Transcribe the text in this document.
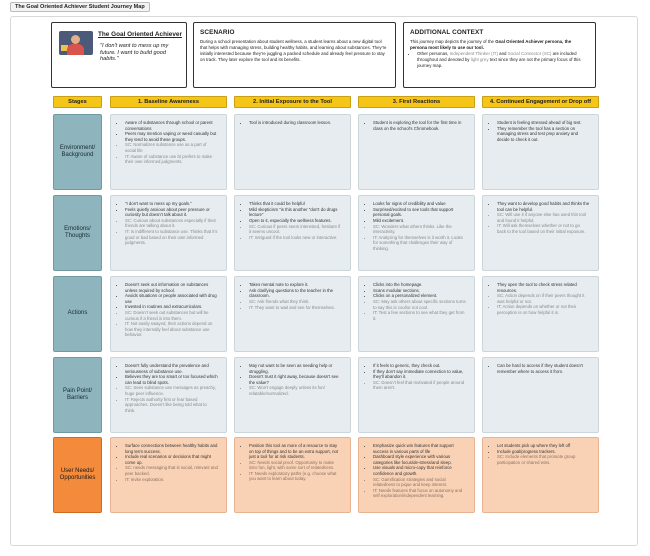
The Goal Oriented Achiever Student Journey Map
The Goal Oriented Achiever
"I don't want to mess up my future. I want to build good habits."
SCENARIO
During a school presentation about student wellness, a student learns about a new digital tool that helps with managing stress, building healthy habits, and learning about substances. They're initially interested because they're juggling a packed schedule and already feel pressure to stay on track. They later explore the tool and its benefits.
ADDITIONAL CONTEXT
This journey map depicts the journey of the Goal Oriented Achiever persona, the persona most likely to use our tool.
• Other personas, Independent Thinker (IT) and Social Connector (SC) are included throughout and denoted by light grey text since they are not the primary focus of this journey map.
Stages	1. Baseline Awareness	2. Initial Exposure to the Tool	3. First Reactions	4. Continued Engagement or Drop off
Environment/ Background
• Aware of substances through school or parent conversations
• Peers may mention vaping or weed casually but they tend to avoid these groups.
• SC: Normalizes substance use as a part of social life
• IT: Aware of substance use bt prefers to make their own informed judgments.
• Tool is introduced during classroom lesson.
•	Student is exploring the tool for the first time in class on the school's Chromebook.
• Student is feeling stressed ahead of big test.
• They remember the tool has a section on managing stress and test prep anxiety and decide to check it out.
Emotions/ Thoughts
• "I don't want to mess up my goals."
• Feels quietly anxious about peer pressure or curiosity but doesn't talk about it.
• SC: Curious about substances especially if their friends are talking about it.
• IT: Is indifferent to substance use. Thinks that it's good or bad based on their own informed judgments.
• Thinks that it could be helpful
• Mild skepticism "is this another "don't do drugs lecture"
• Open to it, especially the wellness features.
• SC: Curious if peers seem interested, hesitant if it seems uncool.
• IT: Intrigued if the tool looks new or interactive.
• Looks for signs of credibility and value
• Surprised/excited to see tools that support personal goals.
• Mild excitement.
• SC: Wonders what others thinks. Like the interactivity.
• IT: Analyzing for themselves is it worth it. Looks for something that challenges their way of thinking.
• They want to develop good habits and thinks the tool can be helpful.
• SC: Will use it if anyone else has used this tool and found it helpful.
• IT: Will ask themselves whether or not to go back to the tool based on their initial exposure.
Actions
• Doesn't seek out information on substances unless required by school.
• Avoids situations or people associated with drug use
• Invested in routines and extracurriculars.
• SC: Doesn't seek out substances but will be curious if a friend is into them.
• IT: Not easily swayed, their actions depend on how they internally feel about substance use behavior.
• Takes mental note to explore it.
• Ask clarifying questions to the teacher in the classroom.
• SC: Ask friends what they think.
• IT: They want to wait and see for themselves.
• Clicks into the homepage.
• Scans modular sections.
• Clicks on a personalized element.
• SC: May ask others about specific sections turns to say this is cool/or not cool.
• IT: Test a few sections to see what they get from it.
• They open the tool to check stress related resources.
• SC: Action depends on if their peers thought it was helpful or not.
• IT: Action depends on whether or not their perception is on how helpful it is.
Pain Point/ Barriers
• Doesn't fully understand the prevalence and seriousness of substance use.
• Believes they are too smart or too focused which can lead to blind spots.
• SC: Sees substance use messages as preachy, huge peer influence.
• IT: Rejects authority first or fear based approaches. Doesn't like being told what to think.
• May not want to be seen as needing help or struggling.
• Doesn't trust it right away, because doesn't see the value?
• SC: Won't engage deeply unless its fun/ relatable/normalized.
• If it feels to generic, they check out.
• If they don't say immediate connection to value, they'll abandon it.
• SC: Doesn't feel that motivated if people around them aren't.
• Can be hard to access if they student doesn't remember where to access it from.
User Needs/ Opportunities
• Surface connections between healthy habits and long term success.
• Include real scenarios or decisions that might come up.
• SC: needs messaging that is social, relevant and peer backed.
• IT: Invite exploration.
• Position this tool as more of a resource to stay on top of things and to be an extra support, not just a tool for at risk students.
• SC: Needs social proof. Opportunity to make intro fun, light, with some sort of relatedness.
• IT: Needs exploratory paths (e.g. choose what you want to learn about today.
• Emphasize quick win features that support success in various parts of life
• Dashboard style experience with various categories like focus/de-stress/and sleep.
• Use visuals and micro-copy that reinforce confidence and growth.
• SC: Gamification strategies and social relatedness to pique and keep interest.
• IT: Needs features that focus on autonomy and self exploration/independent learning.
• Let students pick up where they left off
• Include goal/progress trackers.
• SC: Include elements that promote group participation or shared wins.
